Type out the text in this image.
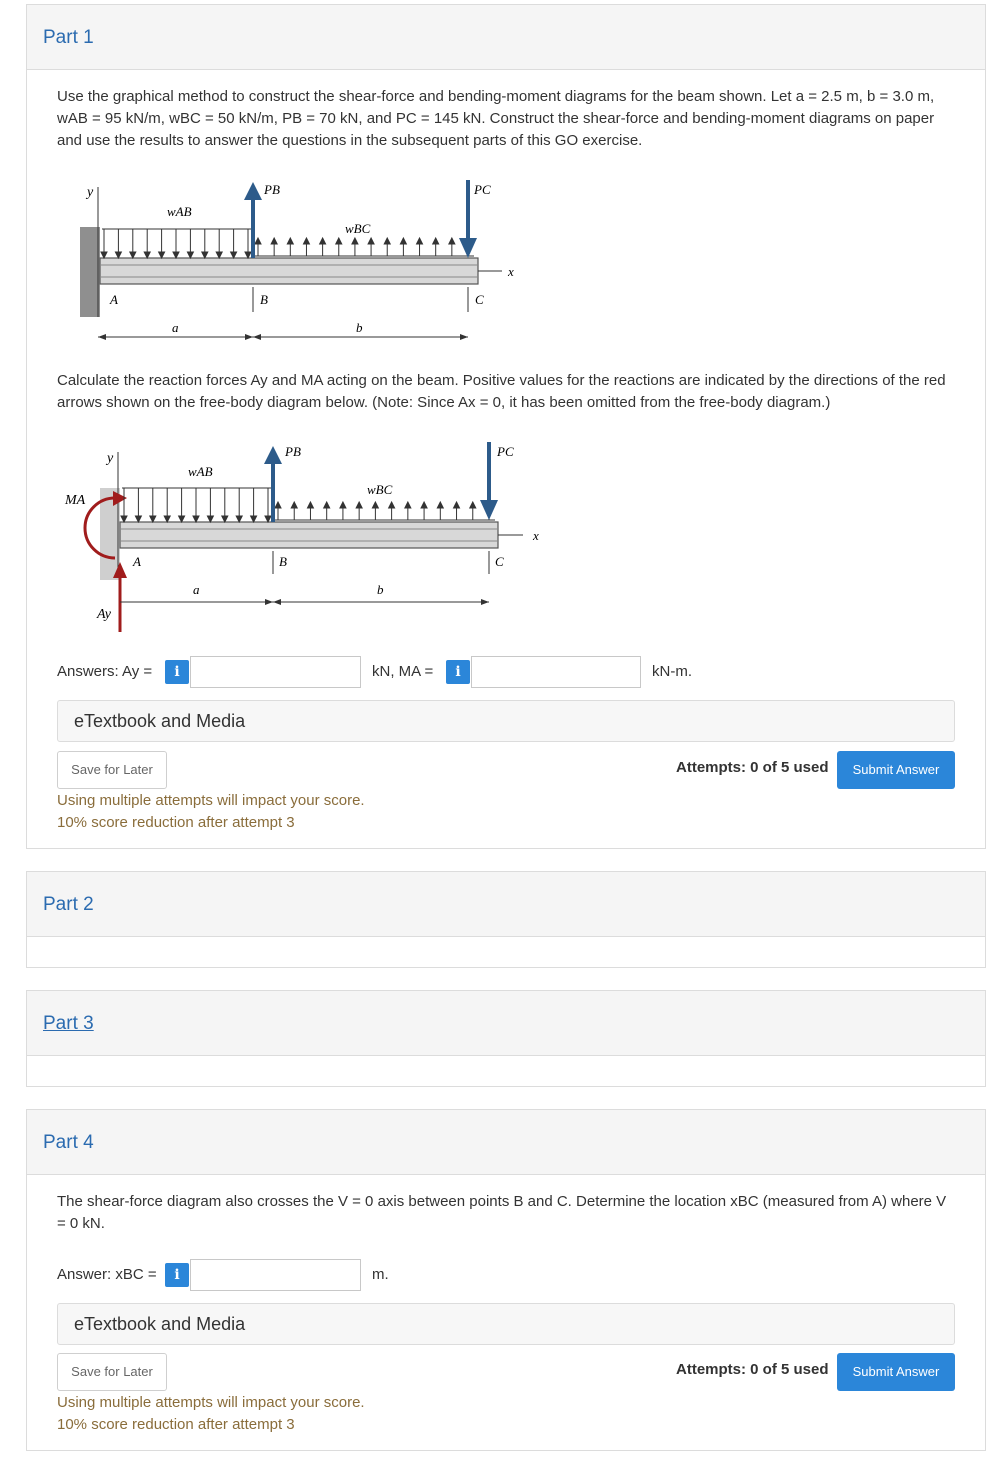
Part 1
Use the graphical method to construct the shear-force and bending-moment diagrams for the beam shown. Let a = 2.5 m, b = 3.0 m, wAB = 95 kN/m, wBC = 50 kN/m, PB = 70 kN, and PC = 145 kN. Construct the shear-force and bending-moment diagrams on paper and use the results to answer the questions in the subsequent parts of this GO exercise.
y
wAB
wBC
PB	PC
x
A	B	C
a	b
Calculate the reaction forces Ay and MA acting on the beam. Positive values for the reactions are indicated by the directions of the red arrows shown on the free-body diagram below. (Note: Since Ax = 0, it has been omitted from the free-body diagram.)
y
MA
Ay
wAB
wBC
PB	PC
x
A	B	C
a	b
Answers: Ay =	i	kN, MA =	i	kN-m.
eTextbook and Media
Save for Later	Attempts: 0 of 5 used	Submit Answer
Using multiple attempts will impact your score.
10% score reduction after attempt 3
Part 2
Part 3
Part 4
The shear-force diagram also crosses the V = 0 axis between points B and C. Determine the location xBC (measured from A) where V = 0 kN.
Answer: xBC =	i	m.
eTextbook and Media
Save for Later	Attempts: 0 of 5 used	Submit Answer
Using multiple attempts will impact your score.
10% score reduction after attempt 3
